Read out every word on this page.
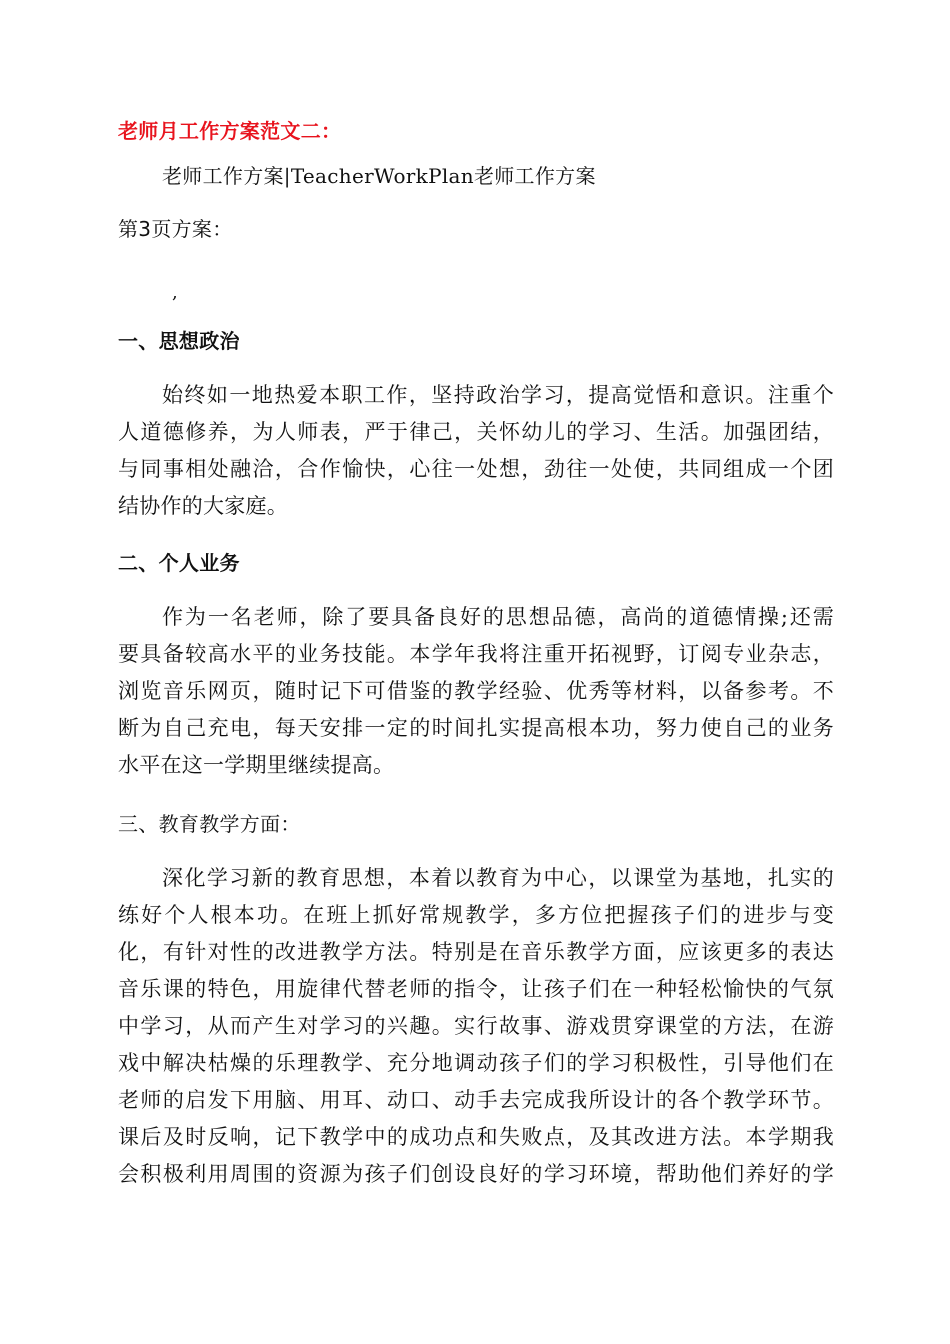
老师月工作方案范文二：
老师工作方案|TeacherWorkPlan老师工作方案
第3页方案：
,
一、思想政治
始终如一地热爱本职工作，坚持政治学习，提高觉悟和意识。注重个
人道德修养，为人师表，严于律己，关怀幼儿的学习、生活。加强团结，
与同事相处融洽，合作愉快，心往一处想，劲往一处使，共同组成一个团
结协作的大家庭。
二、个人业务
作为一名老师，除了要具备良好的思想品德，高尚的道德情操;还需
要具备较高水平的业务技能。本学年我将注重开拓视野，订阅专业杂志，
浏览音乐网页，随时记下可借鉴的教学经验、优秀等材料，以备参考。不
断为自己充电，每天安排一定的时间扎实提高根本功，努力使自己的业务
水平在这一学期里继续提高。
三、教育教学方面：
深化学习新的教育思想，本着以教育为中心，以课堂为基地，扎实的
练好个人根本功。在班上抓好常规教学，多方位把握孩子们的进步与变
化，有针对性的改进教学方法。特别是在音乐教学方面，应该更多的表达
音乐课的特色，用旋律代替老师的指令，让孩子们在一种轻松愉快的气氛
中学习，从而产生对学习的兴趣。实行故事、游戏贯穿课堂的方法，在游
戏中解决枯燥的乐理教学、充分地调动孩子们的学习积极性，引导他们在
老师的启发下用脑、用耳、动口、动手去完成我所设计的各个教学环节。
课后及时反响，记下教学中的成功点和失败点，及其改进方法。本学期我
会积极利用周围的资源为孩子们创设良好的学习环境，帮助他们养好的学
